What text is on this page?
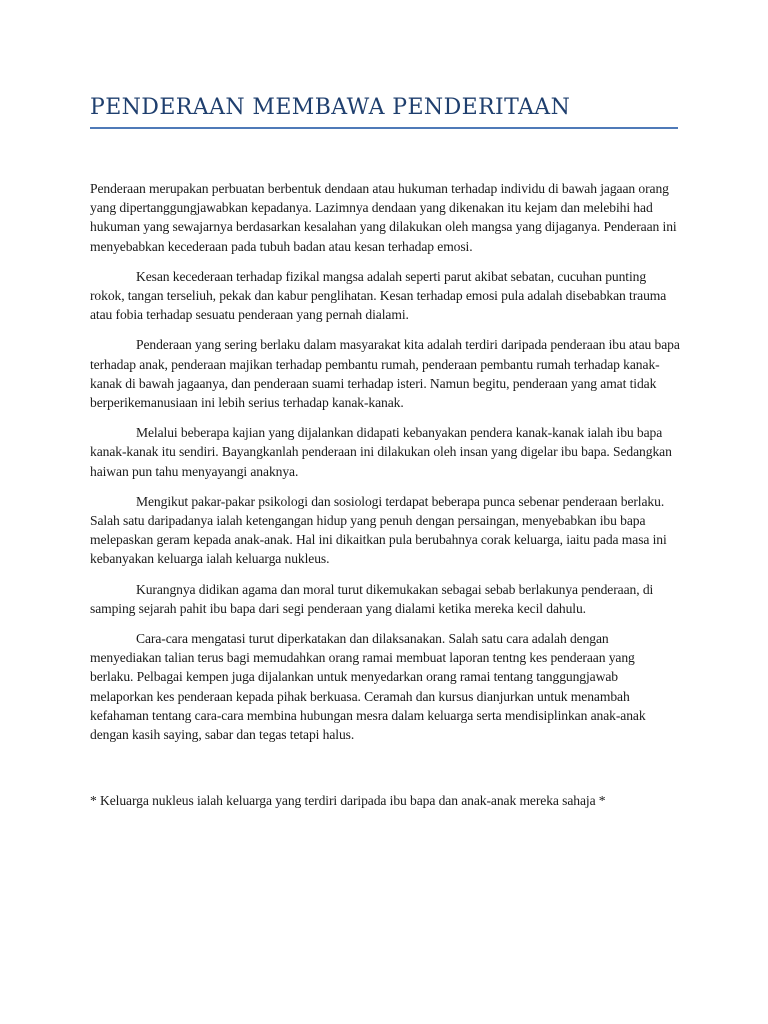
PENDERAAN MEMBAWA PENDERITAAN

Penderaan merupakan perbuatan berbentuk dendaan atau hukuman terhadap individu di bawah jagaan orang yang dipertanggungjawabkan kepadanya. Lazimnya dendaan yang dikenakan itu kejam dan melebihi had hukuman yang sewajarnya berdasarkan kesalahan yang dilakukan oleh mangsa yang dijaganya. Penderaan ini menyebabkan kecederaan pada tubuh badan atau kesan terhadap emosi.

Kesan kecederaan terhadap fizikal mangsa adalah seperti parut akibat sebatan, cucuhan punting rokok, tangan terseliuh, pekak dan kabur penglihatan. Kesan terhadap emosi pula adalah disebabkan trauma atau fobia terhadap sesuatu penderaan yang pernah dialami.

Penderaan yang sering berlaku dalam masyarakat kita adalah terdiri daripada penderaan ibu atau bapa terhadap anak, penderaan majikan terhadap pembantu rumah, penderaan pembantu rumah terhadap kanak-kanak di bawah jagaanya, dan penderaan suami terhadap isteri. Namun begitu, penderaan yang amat tidak berperikemanusiaan ini lebih serius terhadap kanak-kanak.

Melalui beberapa kajian yang dijalankan didapati kebanyakan pendera kanak-kanak ialah ibu bapa kanak-kanak itu sendiri. Bayangkanlah penderaan ini dilakukan oleh insan yang digelar ibu bapa. Sedangkan haiwan pun tahu menyayangi anaknya.

Mengikut pakar-pakar psikologi dan sosiologi terdapat beberapa punca sebenar penderaan berlaku. Salah satu daripadanya ialah ketengangan hidup yang penuh dengan persaingan, menyebabkan ibu bapa melepaskan geram kepada anak-anak. Hal ini dikaitkan pula berubahnya corak keluarga, iaitu pada masa ini kebanyakan keluarga ialah keluarga nukleus.

Kurangnya didikan agama dan moral turut dikemukakan sebagai sebab berlakunya penderaan, di samping sejarah pahit ibu bapa dari segi penderaan yang dialami ketika mereka kecil dahulu.

Cara-cara mengatasi turut diperkatakan dan dilaksanakan. Salah satu cara adalah dengan menyediakan talian terus bagi memudahkan orang ramai membuat laporan tentng kes penderaan yang berlaku. Pelbagai kempen juga dijalankan untuk menyedarkan orang ramai tentang tanggungjawab melaporkan kes penderaan kepada pihak berkuasa. Ceramah dan kursus dianjurkan untuk menambah kefahaman tentang cara-cara membina hubungan mesra dalam keluarga serta mendisiplinkan anak-anak dengan kasih saying, sabar dan tegas tetapi halus.

* Keluarga nukleus ialah keluarga yang terdiri daripada ibu bapa dan anak-anak mereka sahaja *
